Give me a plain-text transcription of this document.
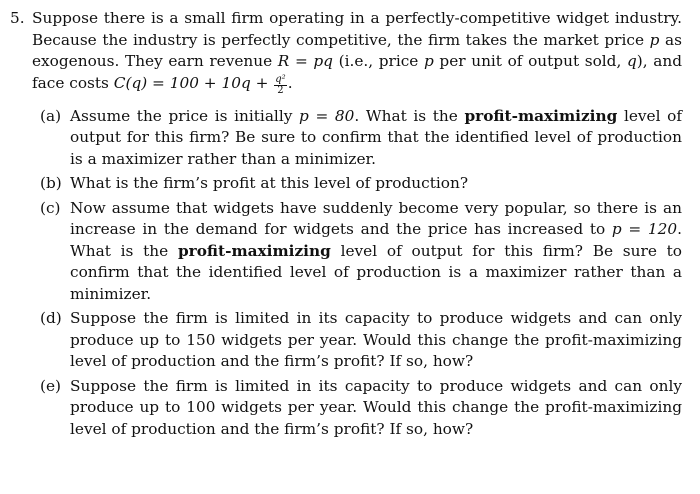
5. Suppose there is a small firm operating in a perfectly-competitive widget industry. Because the industry is perfectly competitive, the firm takes the market price p as exogenous. They earn revenue R = pq (i.e., price p per unit of output sold, q), and face costs $C(q) = 100 + 10q + \frac{\text{q²}}{2}$ .
(a) Assume the price is initially p = 80. What is the profit-maximizing level of output for this firm? Be sure to confirm that the identified level of production is a maximizer rather than a minimizer.
(b) What is the firm’s profit at this level of production?
(c) Now assume that widgets have suddenly become very popular, so there is an increase in the demand for widgets and the price has increased to p = 120. What is the profit-maximizing level of output for this firm? Be sure to confirm that the identified level of production is a maximizer rather than a minimizer.
(d) Suppose the firm is limited in its capacity to produce widgets and can only produce up to 150 widgets per year. Would this change the profit-maximizing level of production and the firm’s profit? If so, how?
(e) Suppose the firm is limited in its capacity to produce widgets and can only produce up to 100 widgets per year. Would this change the profit-maximizing level of production and the firm’s profit? If so, how?
